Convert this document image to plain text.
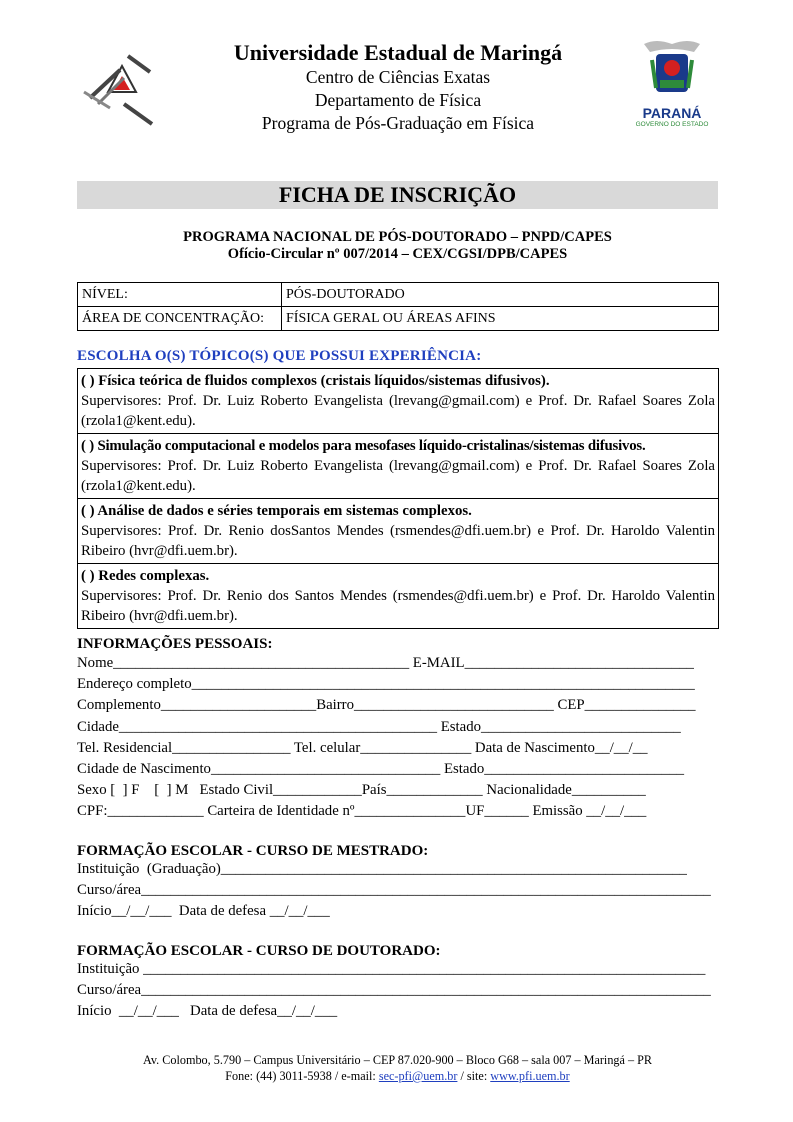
Universidade Estadual de Maringá
Centro de Ciências Exatas
Departamento de Física
Programa de Pós-Graduação em Física	PARANÁ
GOVERNO DO ESTADO
FICHA DE INSCRIÇÃO
PROGRAMA NACIONAL DE PÓS-DOUTORADO – PNPD/CAPES
Ofício-Circular nº 007/2014 – CEX/CGSI/DPB/CAPES
NÍVEL:	PÓS-DOUTORADO
ÁREA DE CONCENTRAÇÃO:	FÍSICA GERAL OU ÁREAS AFINS
ESCOLHA O(S) TÓPICO(S) QUE POSSUI EXPERIÊNCIA:
( ) Física teórica de fluidos complexos (cristais líquidos/sistemas difusivos).
Supervisores: Prof. Dr. Luiz Roberto Evangelista (lrevang@gmail.com) e Prof. Dr. Rafael Soares Zola (rzola1@kent.edu).
( ) Simulação computacional e modelos para mesofases líquido-cristalinas/sistemas difusivos.
Supervisores: Prof. Dr. Luiz Roberto Evangelista (lrevang@gmail.com) e Prof. Dr. Rafael Soares Zola (rzola1@kent.edu).
( ) Análise de dados e séries temporais em sistemas complexos.
Supervisores: Prof. Dr. Renio dosSantos Mendes (rsmendes@dfi.uem.br) e Prof. Dr. Haroldo Valentin Ribeiro (hvr@dfi.uem.br).
( ) Redes complexas.
Supervisores: Prof. Dr. Renio dos Santos Mendes (rsmendes@dfi.uem.br) e Prof. Dr. Haroldo Valentin Ribeiro (hvr@dfi.uem.br).
INFORMAÇÕES PESSOAIS:
Nome________________________________________ E-MAIL_______________________________
Endereço completo____________________________________________________________________
Complemento_____________________Bairro___________________________ CEP_______________
Cidade___________________________________________ Estado___________________________
Tel. Residencial________________ Tel. celular_______________ Data de Nascimento__/__/__
Cidade de Nascimento_______________________________ Estado___________________________
Sexo [  ] F    [  ] M   Estado Civil____________País_____________ Nacionalidade__________
CPF:_____________ Carteira de Identidade nº_______________UF______ Emissão __/__/___
FORMAÇÃO ESCOLAR - CURSO DE MESTRADO:
Instituição  (Graduação)_______________________________________________________________
Curso/área_____________________________________________________________________________
Início__/__/___  Data de defesa __/__/___
FORMAÇÃO ESCOLAR - CURSO DE DOUTORADO:
Instituição ____________________________________________________________________________
Curso/área_____________________________________________________________________________
Início  __/__/___   Data de defesa__/__/___
Av. Colombo, 5.790 – Campus Universitário – CEP 87.020-900 – Bloco G68 – sala 007 – Maringá – PR
Fone: (44) 3011-5938 / e-mail: sec-pfi@uem.br / site: www.pfi.uem.br
